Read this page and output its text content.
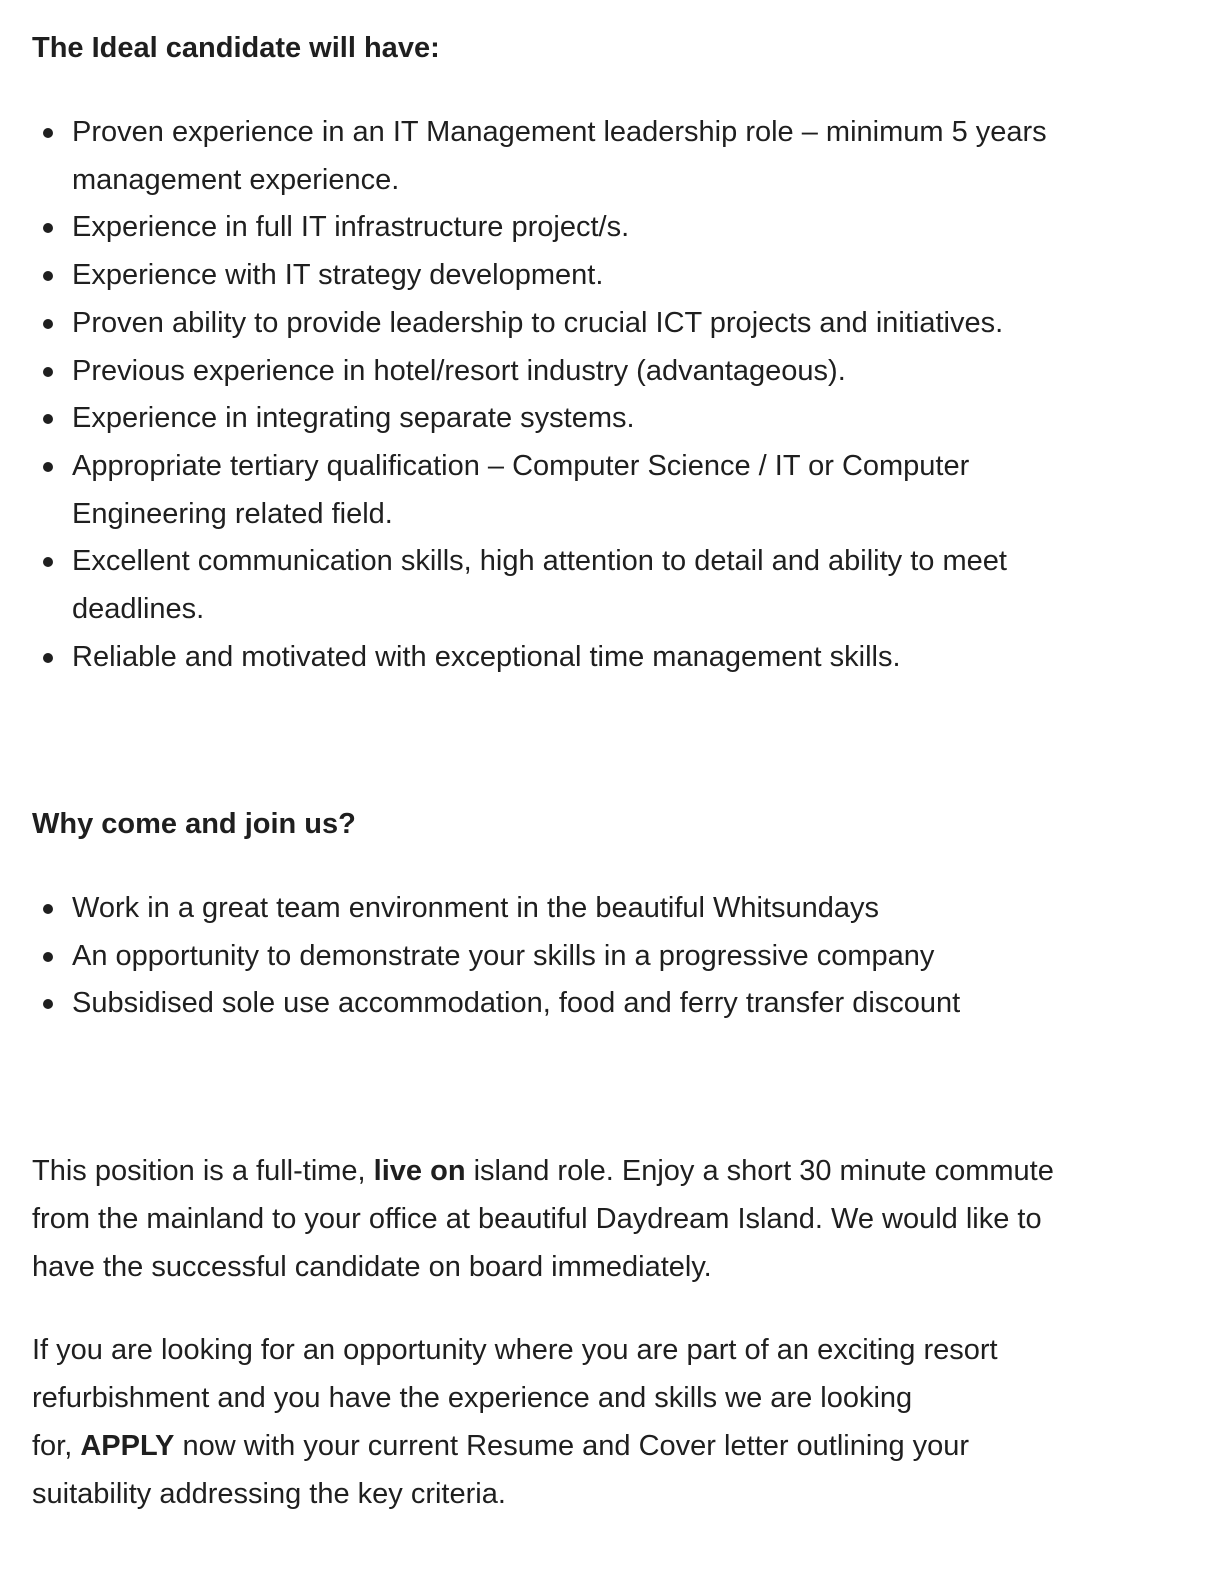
The Ideal candidate will have:
Proven experience in an IT Management leadership role – minimum 5 years
management experience.
Experience in full IT infrastructure project/s.
Experience with IT strategy development.
Proven ability to provide leadership to crucial ICT projects and initiatives.
Previous experience in hotel/resort industry (advantageous).
Experience in integrating separate systems.
Appropriate tertiary qualification – Computer Science / IT or Computer
Engineering related field.
Excellent communication skills, high attention to detail and ability to meet
deadlines.
Reliable and motivated with exceptional time management skills.
Why come and join us?
Work in a great team environment in the beautiful Whitsundays
An opportunity to demonstrate your skills in a progressive company
Subsidised sole use accommodation, food and ferry transfer discount

This position is a full-time, live on island role. Enjoy a short 30 minute commute
from the mainland to your office at beautiful Daydream Island. We would like to
have the successful candidate on board immediately.

If you are looking for an opportunity where you are part of an exciting resort
refurbishment and you have the experience and skills we are looking
for, APPLY now with your current Resume and Cover letter outlining your
suitability addressing the key criteria.
